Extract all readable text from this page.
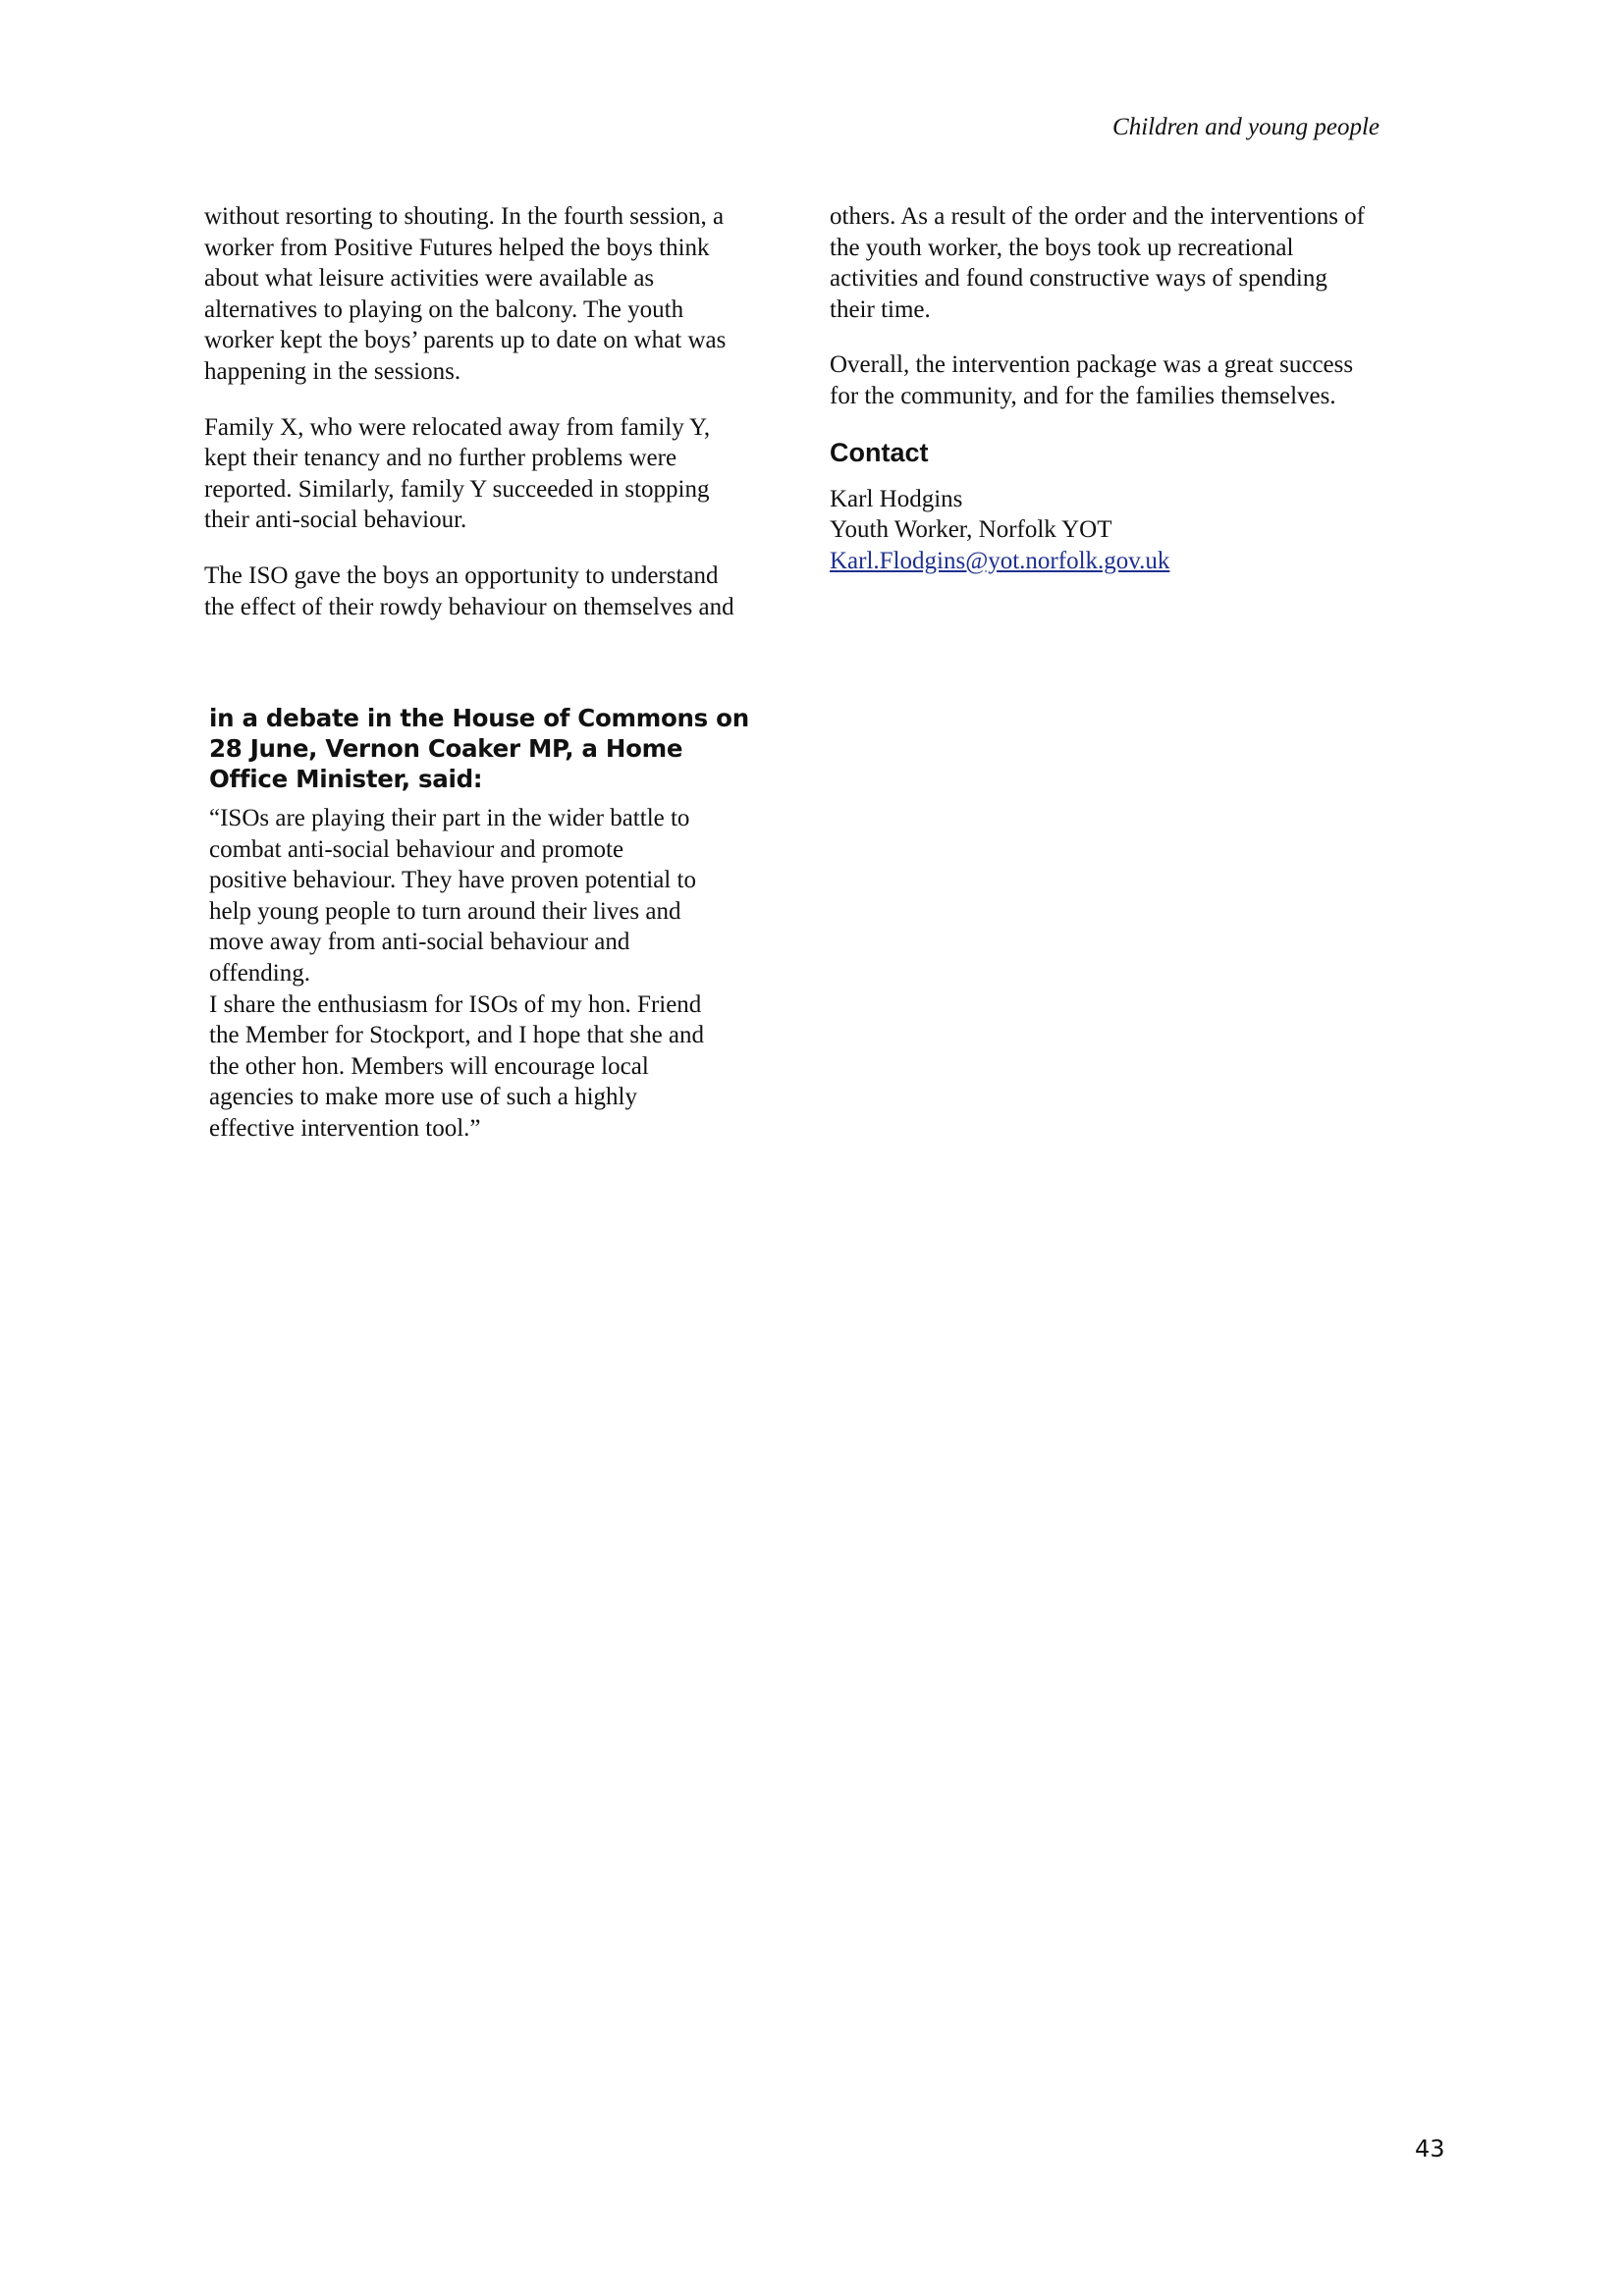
Children and young people

without resorting to shouting. In the fourth session, a
worker from Positive Futures helped the boys think
about what leisure activities were available as
alternatives to playing on the balcony. The youth
worker kept the boys’ parents up to date on what was
happening in the sessions.

Family X, who were relocated away from family Y,
kept their tenancy and no further problems were
reported. Similarly, family Y succeeded in stopping
their anti-social behaviour.

The ISO gave the boys an opportunity to understand
the effect of their rowdy behaviour on themselves and

others. As a result of the order and the interventions of
the youth worker, the boys took up recreational
activities and found constructive ways of spending
their time.

Overall, the intervention package was a great success
for the community, and for the families themselves.

Contact
Karl Hodgins
Youth Worker, Norfolk YOT
Karl.Flodgins@yot.norfolk.gov.uk
in a debate in the House of Commons on
28 June, Vernon Coaker MP, a Home
Office Minister, said:
“ISOs are playing their part in the wider battle to
combat anti-social behaviour and promote
positive behaviour. They have proven potential to
help young people to turn around their lives and
move away from anti-social behaviour and
offending.
I share the enthusiasm for ISOs of my hon. Friend
the Member for Stockport, and I hope that she and
the other hon. Members will encourage local
agencies to make more use of such a highly
effective intervention tool.”
43
